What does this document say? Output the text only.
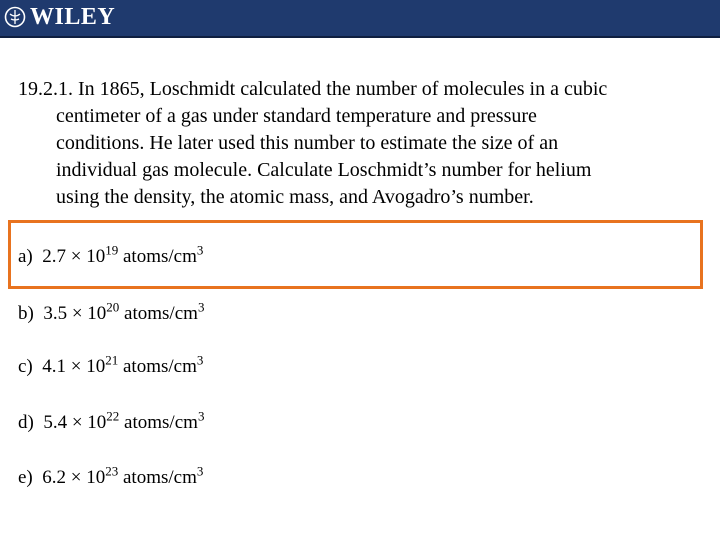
WILEY
19.2.1. In 1865, Loschmidt calculated the number of molecules in a cubic
centimeter of a gas under standard temperature and pressure
conditions. He later used this number to estimate the size of an
individual gas molecule. Calculate Loschmidt’s number for helium
using the density, the atomic mass, and Avogadro’s number.
a) $2.7 \times 10^{19}$ atoms/$cm^3$
b) $3.5 \times 10^{20}$ atoms/$cm^3$
c) $4.1 \times 10^{21}$ atoms/$cm^3$
d) $5.4 \times 10^{22}$ atoms/$cm^3$
e) $6.2 \times 10^{23}$ atoms/$cm^3$
